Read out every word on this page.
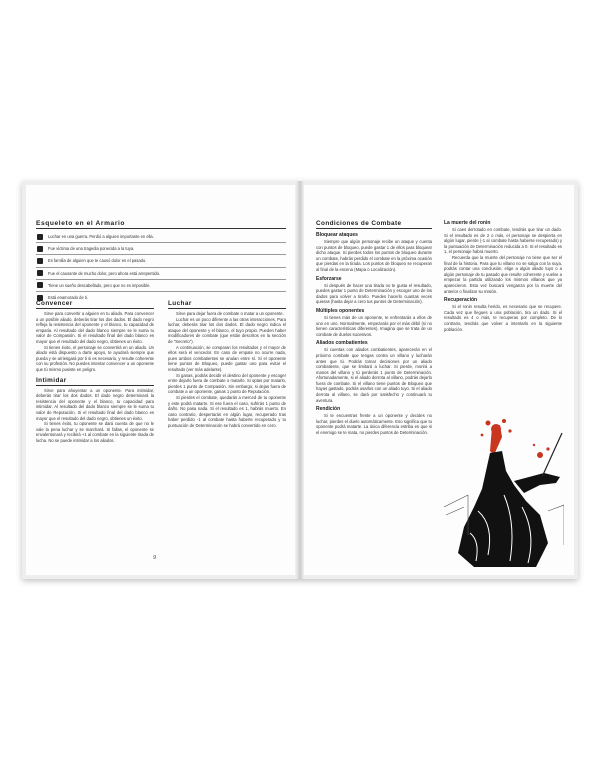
Esqueleto en el Armario
Luchar en una guerra. Perdió a alguien importante en ella.
Fue víctima de una tragedia ponecida a la tuya.
Es familia de alguien que te causó dolor en el pasado.
Fue el causante de mucho dolor, pero ahora está arrepentido.
Tiene un sueño descabellado, pero que no es imposible.
Está enamorado de ti.
Convencer

Sirve para convertir a alguien en tu aliado. Para convencer a un posible aliado, deberás tirar los dos dados. El dado negro refleja la resistencia del oponente y el blanco, tu capacidad de empatía. Al resultado del dado blanco siempre se le suma tu valor de Compasión. Si el resultado final del dado blanco es mayor que el resultado del dado negro, obtienes un éxito.

Si tienes éxito, el personaje se convertirá en un aliado. Un aliado está dispuesto a darte apoyo, te ayudará siempre que pueda y se arriesgará por ti si es necesario, y resulte coherente con su profesión. No puedes intentar convencer a un oponente que tú mismo pusiste en peligro.

Intimidar

Sirve para ahuyentar a un oponente. Para intimidar, deberás tirar los dos dados. El dado negro determinará la resistencia del oponente y el blanco, tu capacidad para intimidar. Al resultado del dado blanco siempre se le suma tu valor de Reputación. Si el resultado final del dado blanco es mayor que el resultado del dado negro, obtienes un éxito.

Si tienes éxito, tu oponente se dará cuenta de que no le vale la pena luchar y se marchará. Si fallas, el oponente se envalentonará y recibirá +1 al combate en la siguiente tirada de lucha. No se puede intimidar a los aliados.

Luchar

Sirve para dejar fuera de combate o matar a un oponente.

Luchar es un poco diferente a las otras interacciones. Para luchar, deberás tirar los dos dados. El dado negro indica el ataque del oponente y el blanco, el tuyo propio. Pueden haber modificadores de combate (que están descritos en la sección de "Secreto").

A continuación, se comparan los resultados y el mayor de ellos será el vencedor. En caso de empate no ocurre nada, pues ambos combatientes se anulan entre sí. Si el oponente tiene puntos de Bloqueo, puede gastar uno para evitar el resultado (ver más adelante).

Si ganas, podrás decidir el destino del oponente y escoger entre dejarlo fuera de combate o matarlo. Si optas por matarlo, pierdes 1 punto de Compasión. Sin embargo, si dejas fuera de combate a un oponente, ganas 1 punto de Reputación.

Si pierdes el combate, quedarás a merced de tu oponente y este podrá matarte. Si ese fuera el caso, sufrirás 1 punto de daño. No pasa nada. Si el resultado es 1, habrás muerto. En caso contrario, despertarás en algún lugar, recuperado tras haber perdido -1 al combate hasta haberte recuperado y tu puntuación de Determinación se habrá convertido en cero.

9
Condiciones de Combate
Bloquear ataques

Siempre que algún personaje recibe un ataque y cuenta con puntos de bloqueo, puede gastar 1 de ellos para bloquear dicho ataque. Si pierdes todos los puntos de bloqueo durante un combate, habrás perdido el combate en la próxima ocasión que pierdas en la tirada. Los puntos de bloqueo se recuperan al final de la escena (Mapa o Localización).

Esforzarse

Si después de hacer una tirada no te gusta el resultado, puedes gastar 1 punto de Determinación y escoger uno de los dados para volver a tirarlo. Puedes hacerlo cuantas veces quieras (hasta dejar a cero tus puntos de Determinación).

Múltiples oponentes

Si tienes más de un oponente, te enfrentarás a ellos de uno en uno. Normalmente, empezarás por el más débil (si no tienen características diferentes). Imagina que se trata de un combate de duelos sucesivos.

Aliados combatientes

Si cuentas con aliados combatientes, aparecerán en el próximo combate que tengas contra un villano y lucharán antes que tú. Podrás tomar decisiones por un aliado combatiente, que se limitará a luchar. Si pierde, morirá a manos del villano y tú perderás 1 punto de Determinación. Afortunadamente, si el aliado derrota al villano, podrás dejarlo fuera de combate. Si el villano tiene puntos de Bloqueo que hayas gastado, podrás usarlos con un aliado tuyo. Si el aliado derrota al villano, se dará por satisfecho y continuará tu aventura.

Rendición

Si te encuentras frente a un oponente y decides no luchar, pierdes el duelo automáticamente. Eso significa que tu oponente podrá matarte. La única diferencia estriba en que si el enemigo se te mata, no pierdes puntos de Determinación.

La muerte del ronin

Si caes derrotado en combate, tendrás que tirar un dado. Si el resultado es de 2 o más, el personaje se despierta en algún lugar, pierde (-1 al combate hasta haberse recuperado) y la puntuación de Determinación reducida a 0. Si el resultado es 1, el personaje habrá muerto.

Recuerda que la muerte del personaje no tiene que ser el final de la historia. Para que tu villano no se salga con la suya, podrás contar una conclusión, elige a algún aliado tuyo o a algún personaje de tu pasado que resulte coherente y vuelve a empezar la partida utilizando los mismos villanos que ya aparecieron. Esta vez buscará venganza por la muerte del anterior o finalizar su misión.

Recuperación

Si el ronin resulta herido, es necesario que se recupere. Cada vez que llegues a una población, tira un dado. Si el resultado es 4 o más, te recuperas por completo. De lo contrario, tendrás que volver a intentarlo en la siguiente población.
